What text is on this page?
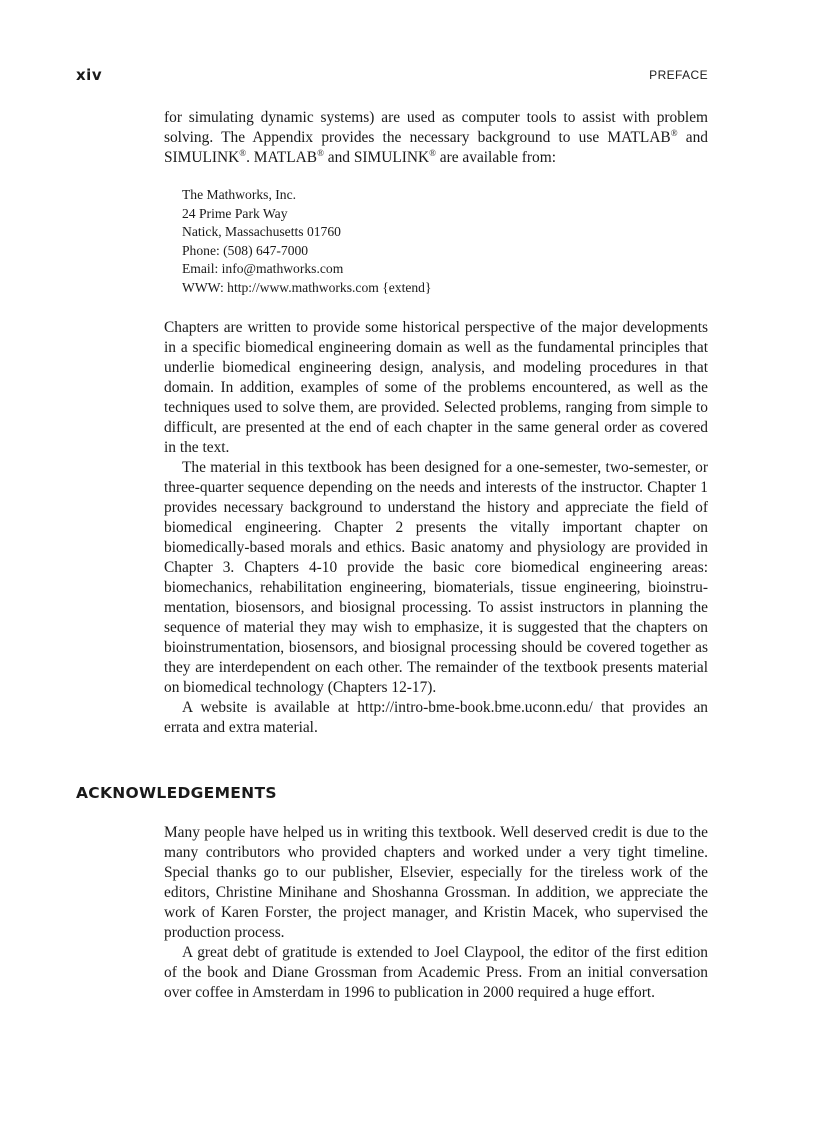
xiv	PREFACE

for simulating dynamic systems) are used as computer tools to assist with problem solving. The Appendix provides the necessary background to use MATLAB® and SIMULINK®. MATLAB® and SIMULINK® are available from:

The Mathworks, Inc.
24 Prime Park Way
Natick, Massachusetts 01760
Phone: (508) 647-7000
Email: info@mathworks.com
WWW: http://www.mathworks.com {extend}

Chapters are written to provide some historical perspective of the major developments in a specific biomedical engineering domain as well as the fundamental principles that underlie biomedical engineering design, analysis, and modeling procedures in that domain. In addition, examples of some of the problems encountered, as well as the techniques used to solve them, are provided. Selected problems, ranging from simple to difficult, are presented at the end of each chapter in the same general order as covered in the text.

The material in this textbook has been designed for a one-semester, two-semester, or three-quarter sequence depending on the needs and interests of the instructor. Chapter 1 provides necessary background to understand the history and appreciate the field of biomedical engineering. Chapter 2 presents the vitally important chapter on biomedically-based morals and ethics. Basic anatomy and physiology are provided in Chapter 3. Chapters 4-10 provide the basic core biomedical engineering areas: biomechanics, rehabilitation engineering, biomaterials, tissue engineering, bioinstrumentation, biosensors, and biosignal processing. To assist instructors in planning the sequence of material they may wish to emphasize, it is suggested that the chapters on bioinstrumentation, biosensors, and biosignal processing should be covered together as they are interdependent on each other. The remainder of the textbook presents material on biomedical technology (Chapters 12-17).

A website is available at http://intro-bme-book.bme.uconn.edu/ that provides an errata and extra material.

ACKNOWLEDGEMENTS

Many people have helped us in writing this textbook. Well deserved credit is due to the many contributors who provided chapters and worked under a very tight timeline. Special thanks go to our publisher, Elsevier, especially for the tireless work of the editors, Christine Minihane and Shoshanna Grossman. In addition, we appreciate the work of Karen Forster, the project manager, and Kristin Macek, who supervised the production process.

A great debt of gratitude is extended to Joel Claypool, the editor of the first edition of the book and Diane Grossman from Academic Press. From an initial conversation over coffee in Amsterdam in 1996 to publication in 2000 required a huge effort.
